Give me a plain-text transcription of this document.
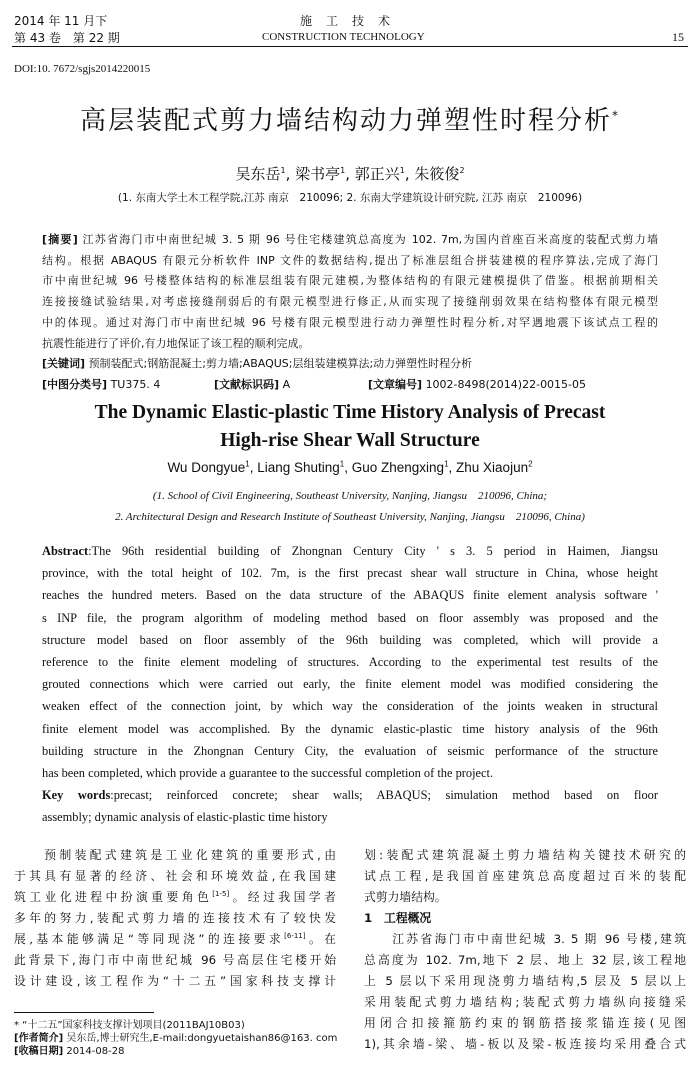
2014 年 11 月下
第 43 卷　第 22 期
施　工　技　术
CONSTRUCTION TECHNOLOGY	15
DOI:10. 7672/sgjs2014220015
高层装配式剪力墙结构动力弹塑性时程分析*
吴东岳$^1$, 梁书亭$^1$, 郭正兴$^1$, 朱筱俊$^2$
(1. 东南大学土木工程学院,江苏 南京　210096; 2. 东南大学建筑设计研究院, 江苏 南京　210096)
[摘要] 江苏省海门市中南世纪城 3. 5 期 96 号住宅楼建筑总高度为 102. 7m,为国内首座百米高度的装配式剪力墙
结构。根据 ABAQUS 有限元分析软件 INP 文件的数据结构,提出了标准层组合拼装建模的程序算法,完成了海门
市中南世纪城 96 号楼整体结构的标准层组装有限元建模,为整体结构的有限元建模提供了借鉴。根据前期相关
连接接缝试验结果,对考虑接缝削弱后的有限元模型进行修正,从而实现了接缝削弱效果在结构整体有限元模型
中的体现。通过对海门市中南世纪城 96 号楼有限元模型进行动力弹塑性时程分析,对罕遇地震下该试点工程的
抗震性能进行了评价,有力地保证了该工程的顺利完成。
[关键词] 预制装配式;钢筋混凝土;剪力墙;ABAQUS;层组装建模算法;动力弹塑性时程分析
[中图分类号] TU375. 4	[文献标识码] A	[文章编号] 1002-8498(2014)22-0015-05
The Dynamic Elastic-plastic Time History Analysis of Precast
High-rise Shear Wall Structure
Wu Dongyue$^1$, Liang Shuting$^1$, Guo Zhengxing$^1$, Zhu Xiaojun$^2$
(1. School of Civil Engineering, Southeast University, Nanjing, Jiangsu　210096, China;
2. Architectural Design and Research Institute of Southeast University, Nanjing, Jiangsu　210096, China)
Abstract:The 96th residential building of Zhongnan Century City ' s 3. 5 period in Haimen, Jiangsu
province, with the total height of 102. 7m, is the first precast shear wall structure in China, whose height
reaches the hundred meters. Based on the data structure of the ABAQUS finite element analysis software '
s INP file, the program algorithm of modeling method based on floor assembly was proposed and the
structure model based on floor assembly of the 96th building was completed, which will provide a
reference to the finite element modeling of structures. According to the experimental test results of the
grouted connections which were carried out early, the finite element model was modified considering the
weaken effect of the connection joint, by which way the consideration of the joints weaken in structural
finite element model was accomplished. By the dynamic elastic-plastic time history analysis of the 96th
building structure in the Zhongnan Century City, the evaluation of seismic performance of the structure
has been completed, which provide a guarantee to the successful completion of the project.
Key words:precast; reinforced concrete; shear walls; ABAQUS; simulation method based on floor
assembly; dynamic analysis of elastic-plastic time history
　　预制装配式建筑是工业化建筑的重要形式,由
于其具有显著的经济、社会和环境效益,在我国建
筑工业化进程中扮演重要角色[1-5]。经过我国学者
多年的努力,装配式剪力墙的连接技术有了较快发
展,基本能够满足“等同现浇”的连接要求[6-11]。在
此背景下,海门市中南世纪城 96 号高层住宅楼开始
设计建设,该工程作为“十二五”国家科技支撑计
* “十二五”国家科技支撑计划项目(2011BAJ10B03)
[作者简介] 吴东岳,博士研究生,E-mail:dongyuetaishan86@163. com
[收稿日期] 2014-08-28
划:装配式建筑混凝土剪力墙结构关键技术研究的
试点工程,是我国首座建筑总高度超过百米的装配
式剪力墙结构。
1　 工程概况
　　江苏省海门市中南世纪城 3. 5 期 96 号楼,建筑
总高度为 102. 7m,地下 2 层、地上 32 层,该工程地
上 5 层以下采用现浇剪力墙结构,5 层及 5 层以上
采用装配式剪力墙结构;装配式剪力墙纵向接缝采
用闭合扣接箍筋约束的钢筋搭接浆锚连接(见图
1),其余墙-梁、墙-板以及梁-板连接均采用叠合式
